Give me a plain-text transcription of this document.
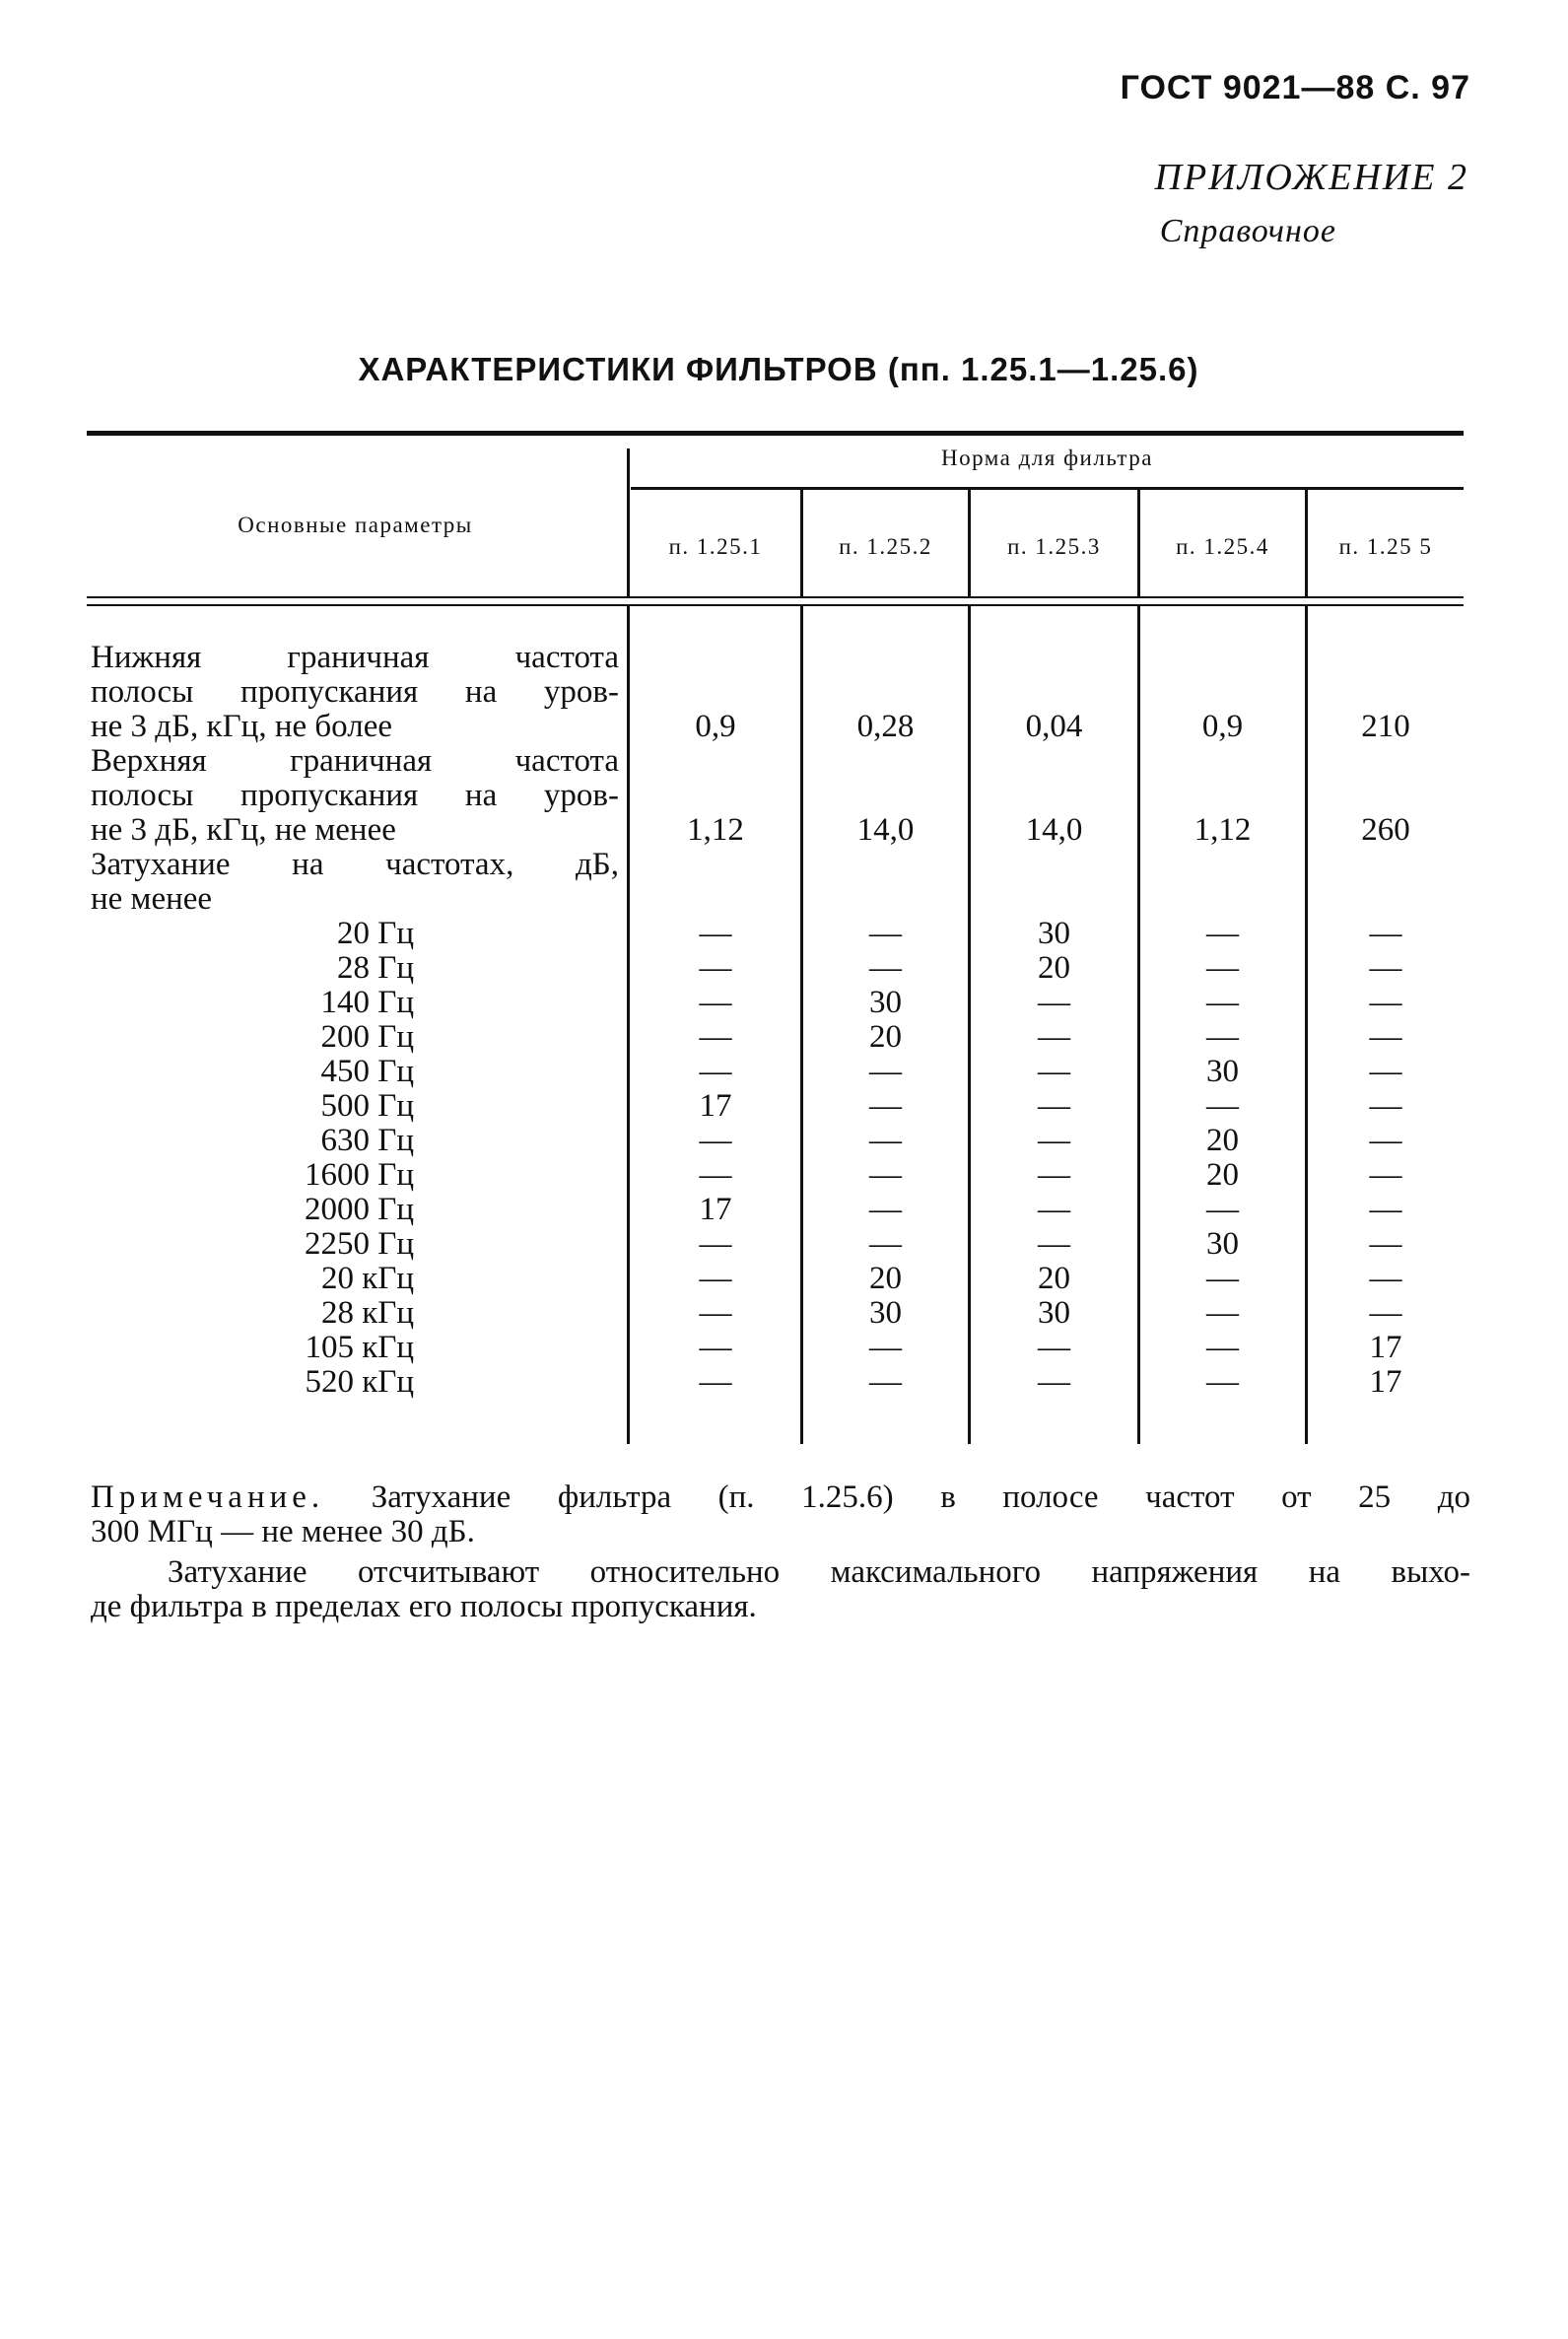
ГОСТ 9021—88 С. 97
ПРИЛОЖЕНИЕ 2
Справочное
ХАРАКТЕРИСТИКИ ФИЛЬТРОВ (пп. 1.25.1—1.25.6)
Основные параметры
Норма для фильтра
п. 1.25.1	п. 1.25.2	п. 1.25.3	п. 1.25.4	п. 1.25 5
Нижняя граничная частота
полосы пропускания на уров-
не 3 дБ, кГц, не более	0,9	0,28	0,04	0,9	210
Верхняя граничная частота
полосы пропускания на уров-
не 3 дБ, кГц, не менее	1,12	14,0	14,0	1,12	260
Затухание на частотах, дБ,
не менее
20 Гц	—	—	30	—	—
28 Гц	—	—	20	—	—
140 Гц	—	30	—	—	—
200 Гц	—	20	—	—	—
450 Гц	—	—	—	30	—
500 Гц	17	—	—	—	—
630 Гц	—	—	—	20	—
1600 Гц	—	—	—	20	—
2000 Гц	17	—	—	—	—
2250 Гц	—	—	—	30	—
20 кГц	—	20	20	—	—
28 кГц	—	30	30	—	—
105 кГц	—	—	—	—	17
520 кГц	—	—	—	—	17
Примечание. Затухание фильтра (п. 1.25.6) в полосе частот от 25 до
300 МГц — не менее 30 дБ.
Затухание отсчитывают относительно максимального напряжения на выхо-
де фильтра в пределах его полосы пропускания.
